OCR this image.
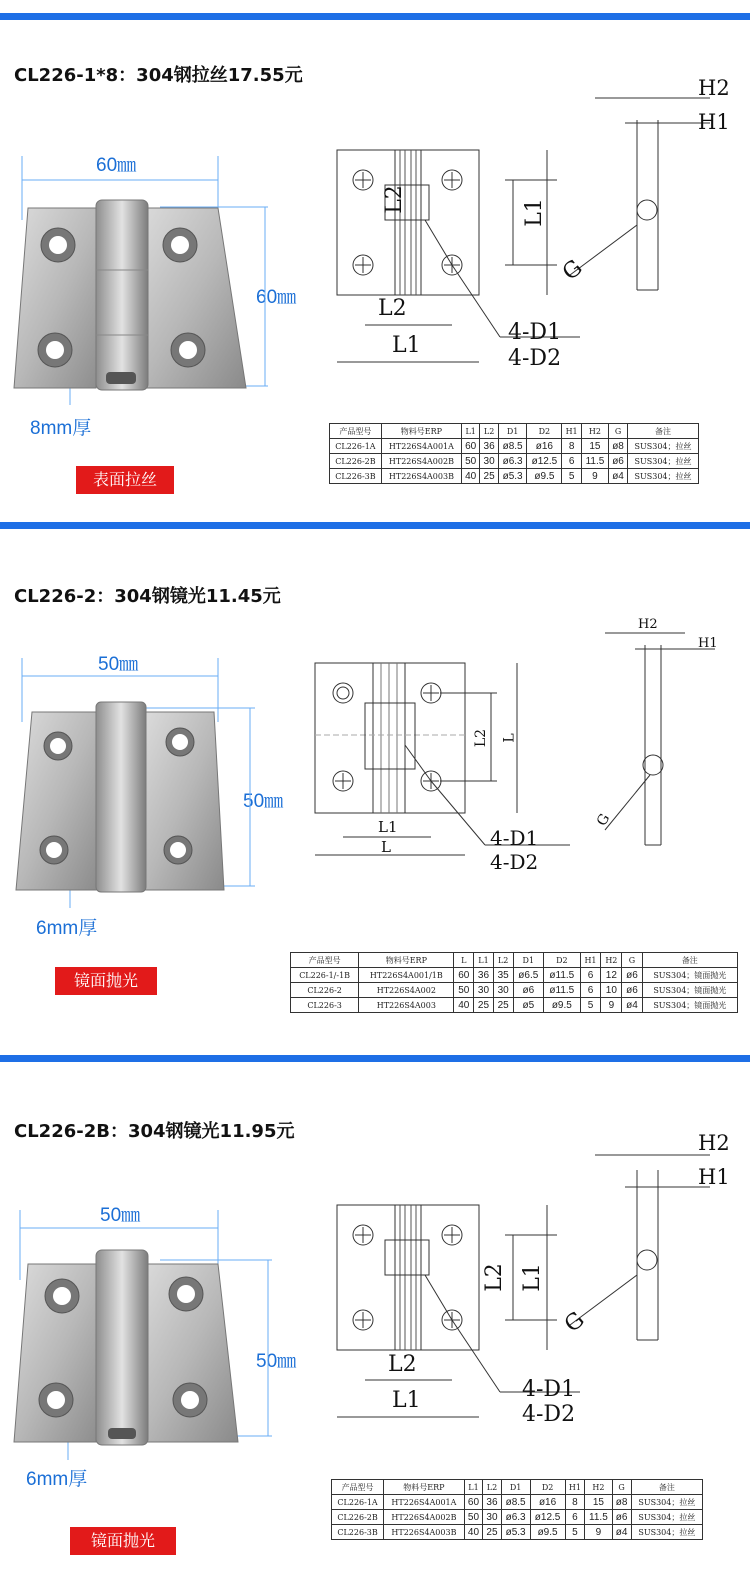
CL226-1*8：304钢拉丝17.55元
60㎜
60㎜
8mm厚
表面拉丝
L2	L1
L2
L1
4-D1
4-D2
H2
H1
G
产品型号	物料号ERP	L1	L2	D1	D2	H1	H2	G	备注
CL226-1A	HT226S4A001A	60	36	ø8.5	ø16	8	15	ø8	SUS304；拉丝
CL226-2B	HT226S4A002B	50	30	ø6.3	ø12.5	6	11.5	ø6	SUS304；拉丝
CL226-3B	HT226S4A003B	40	25	ø5.3	ø9.5	5	9	ø4	SUS304；拉丝
CL226-2：304钢镜光11.45元
50㎜
50㎜
6mm厚
镜面抛光
L2 L
L1
L	4-D1
4-D2
H2
H1
G
产品型号	物料号ERP	L	L1	L2	D1	D2	H1	H2	G	备注
CL226-1/-1B	HT226S4A001/1B	60	36	35	ø6.5	ø11.5	6	12	ø6	SUS304；镜面抛光
CL226-2	HT226S4A002	50	30	30	ø6	ø11.5	6	10	ø6	SUS304；镜面抛光
CL226-3	HT226S4A003	40	25	25	ø5	ø9.5	5	9	ø4	SUS304；镜面抛光
CL226-2B：304钢镜光11.95元
50㎜
50㎜
6mm厚
镜面抛光
L2 L1
L2
L1	4-D1
4-D2
H2
H1
G
产品型号	物料号ERP	L1	L2	D1	D2	H1	H2	G	备注
CL226-1A	HT226S4A001A	60	36	ø8.5	ø16	8	15	ø8	SUS304；拉丝
CL226-2B	HT226S4A002B	50	30	ø6.3	ø12.5	6	11.5	ø6	SUS304；拉丝
CL226-3B	HT226S4A003B	40	25	ø5.3	ø9.5	5	9	ø4	SUS304；拉丝
